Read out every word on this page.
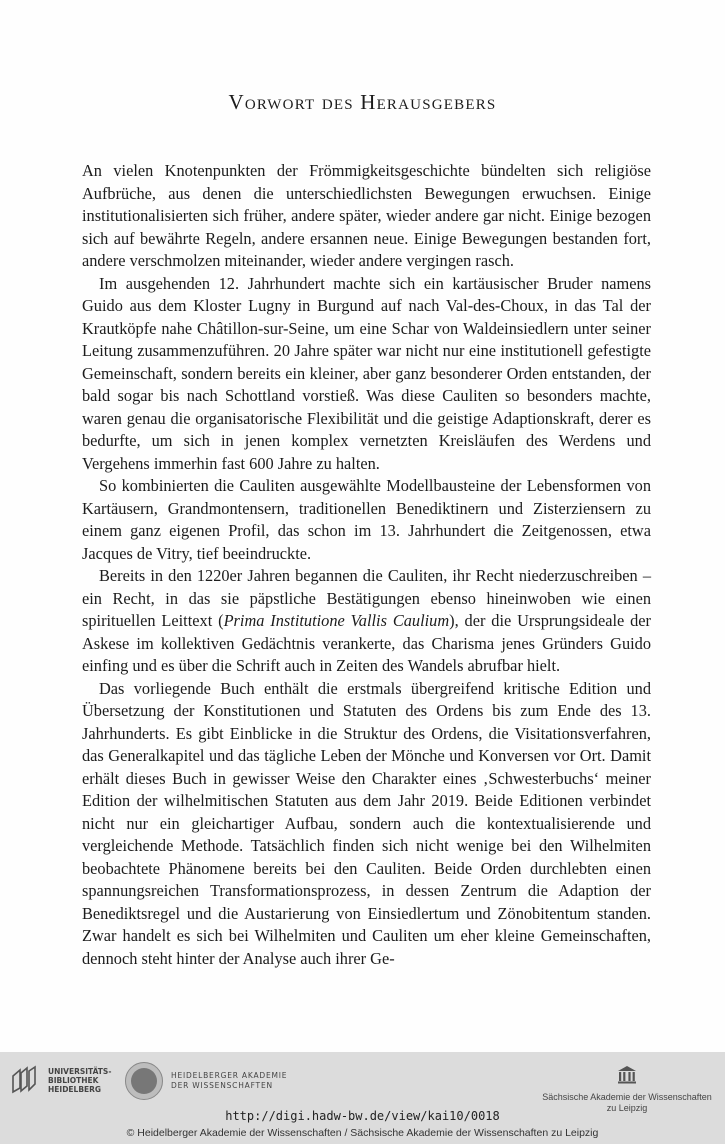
Vorwort des Herausgebers

An vielen Knotenpunkten der Frömmigkeitsgeschichte bündelten sich religiöse Aufbrüche, aus denen die unterschiedlichsten Bewegungen erwuchsen. Einige institutionalisierten sich früher, andere später, wieder andere gar nicht. Einige bezogen sich auf bewährte Regeln, andere ersannen neue. Einige Bewegungen bestanden fort, andere verschmolzen miteinander, wieder andere vergingen rasch.

Im ausgehenden 12. Jahrhundert machte sich ein kartäusischer Bruder namens Guido aus dem Kloster Lugny in Burgund auf nach Val-des-Choux, in das Tal der Krautköpfe nahe Châtillon-sur-Seine, um eine Schar von Waldeinsiedlern unter seiner Leitung zusammenzuführen. 20 Jahre später war nicht nur eine institutionell gefestigte Gemeinschaft, sondern bereits ein kleiner, aber ganz besonderer Orden entstanden, der bald sogar bis nach Schottland vorstieß. Was diese Cauliten so besonders machte, waren genau die organisatorische Flexibilität und die geistige Adaptionskraft, derer es bedurfte, um sich in jenen komplex vernetzten Kreisläufen des Werdens und Vergehens immerhin fast 600 Jahre zu halten.

So kombinierten die Cauliten ausgewählte Modellbausteine der Lebensformen von Kartäusern, Grandmontensern, traditionellen Benediktinern und Zisterziensern zu einem ganz eigenen Profil, das schon im 13. Jahrhundert die Zeitgenossen, etwa Jacques de Vitry, tief beeindruckte.

Bereits in den 1220er Jahren begannen die Cauliten, ihr Recht niederzuschreiben – ein Recht, in das sie päpstliche Bestätigungen ebenso hineinwoben wie einen spirituellen Leittext (Prima Institutione Vallis Caulium), der die Ursprungsideale der Askese im kollektiven Gedächtnis verankerte, das Charisma jenes Gründers Guido einfing und es über die Schrift auch in Zeiten des Wandels abrufbar hielt.

Das vorliegende Buch enthält die erstmals übergreifend kritische Edition und Übersetzung der Konstitutionen und Statuten des Ordens bis zum Ende des 13. Jahrhunderts. Es gibt Einblicke in die Struktur des Ordens, die Visitationsverfahren, das Generalkapitel und das tägliche Leben der Mönche und Konversen vor Ort. Damit erhält dieses Buch in gewisser Weise den Charakter eines ‚Schwesterbuchs‘ meiner Edition der wilhelmitischen Statuten aus dem Jahr 2019. Beide Editionen verbindet nicht nur ein gleichartiger Aufbau, sondern auch die kontextualisierende und vergleichende Methode. Tatsächlich finden sich nicht wenige bei den Wilhelmiten beobachtete Phänomene bereits bei den Cauliten. Beide Orden durchlebten einen spannungsreichen Transformationsprozess, in dessen Zentrum die Adaption der Benediktsregel und die Austarierung von Einsiedlertum und Zönobitentum standen. Zwar handelt es sich bei Wilhelmiten und Cauliten um eher kleine Gemeinschaften, dennoch steht hinter der Analyse auch ihrer Ge-

UNIVERSITÄTS-
BIBLIOTHEK
HEIDELBERG
HEIDELBERGER AKADEMIE
DER WISSENSCHAFTEN
Sächsische Akademie der Wissenschaften
zu Leipzig
http://digi.hadw-bw.de/view/kai10/0018
© Heidelberger Akademie der Wissenschaften / Sächsische Akademie der Wissenschaften zu Leipzig
